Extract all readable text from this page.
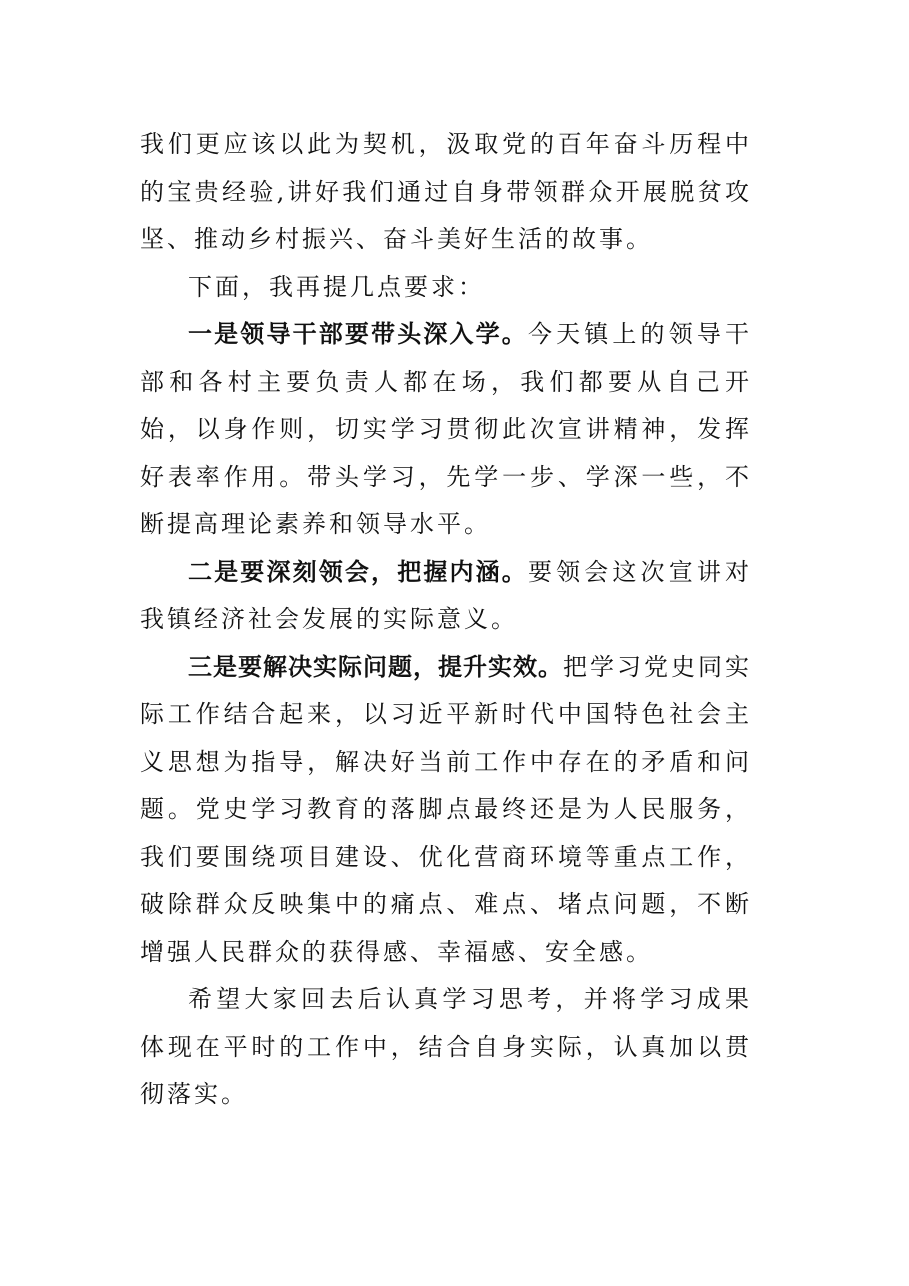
我们更应该以此为契机，汲取党的百年奋斗历程中的宝贵经验,讲好我们通过自身带领群众开展脱贫攻坚、推动乡村振兴、奋斗美好生活的故事。

下面，我再提几点要求：

一是领导干部要带头深入学。今天镇上的领导干部和各村主要负责人都在场，我们都要从自己开始，以身作则，切实学习贯彻此次宣讲精神，发挥好表率作用。带头学习，先学一步、学深一些，不断提高理论素养和领导水平。

二是要深刻领会，把握内涵。要领会这次宣讲对我镇经济社会发展的实际意义。

三是要解决实际问题，提升实效。把学习党史同实际工作结合起来，以习近平新时代中国特色社会主义思想为指导，解决好当前工作中存在的矛盾和问题。党史学习教育的落脚点最终还是为人民服务，我们要围绕项目建设、优化营商环境等重点工作，破除群众反映集中的痛点、难点、堵点问题，不断增强人民群众的获得感、幸福感、安全感。

希望大家回去后认真学习思考，并将学习成果体现在平时的工作中，结合自身实际，认真加以贯彻落实。
